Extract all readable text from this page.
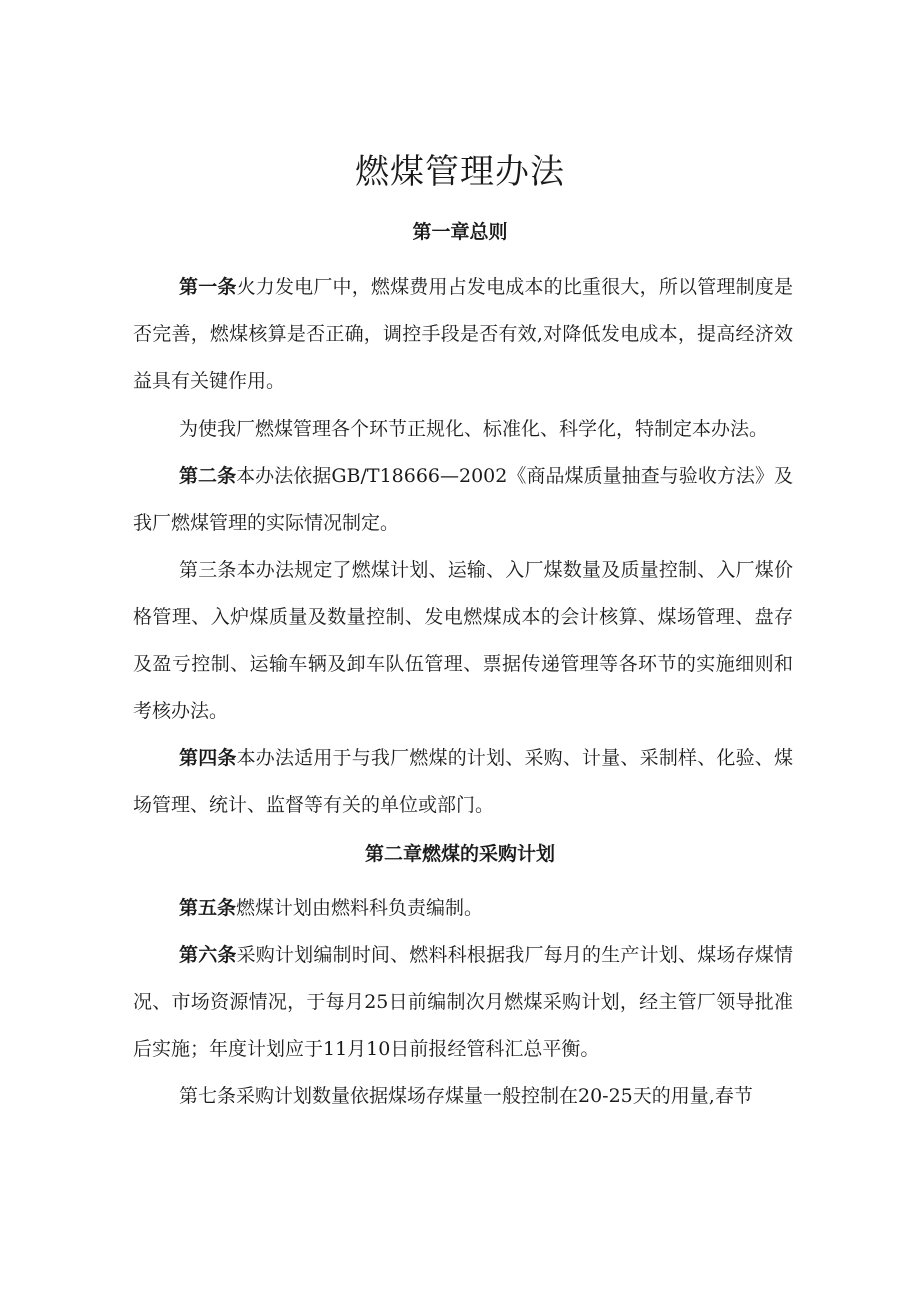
燃煤管理办法
第一章总则

第一条火力发电厂中，燃煤费用占发电成本的比重很大，所以管理制度是否完善，燃煤核算是否正确，调控手段是否有效,对降低发电成本，提高经济效益具有关键作用。

为使我厂燃煤管理各个环节正规化、标准化、科学化，特制定本办法。

第二条本办法依据GB/T18666—2002《商品煤质量抽查与验收方法》及我厂燃煤管理的实际情况制定。

第三条本办法规定了燃煤计划、运输、入厂煤数量及质量控制、入厂煤价格管理、入炉煤质量及数量控制、发电燃煤成本的会计核算、煤场管理、盘存及盈亏控制、运输车辆及卸车队伍管理、票据传递管理等各环节的实施细则和考核办法。

第四条本办法适用于与我厂燃煤的计划、采购、计量、采制样、化验、煤场管理、统计、监督等有关的单位或部门。

第二章燃煤的采购计划

第五条燃煤计划由燃料科负责编制。

第六条采购计划编制时间、燃料科根据我厂每月的生产计划、煤场存煤情况、市场资源情况，于每月25日前编制次月燃煤采购计划，经主管厂领导批准后实施；年度计划应于11月10日前报经管科汇总平衡。

第七条采购计划数量依据煤场存煤量一般控制在20-25天的用量,春节
